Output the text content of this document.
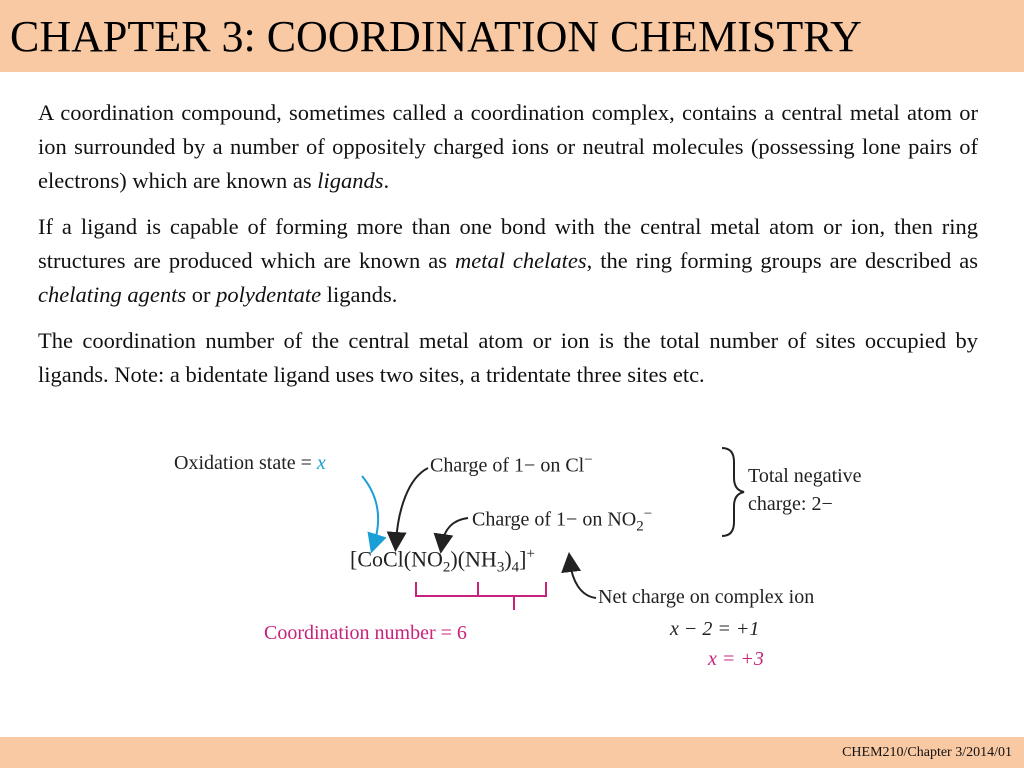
CHAPTER 3: COORDINATION CHEMISTRY

A coordination compound, sometimes called a coordination complex, contains a central metal atom or ion surrounded by a number of oppositely charged ions or neutral molecules (possessing lone pairs of electrons) which are known as ligands.

If a ligand is capable of forming more than one bond with the central metal atom or ion, then ring structures are produced which are known as metal chelates, the ring forming groups are described as chelating agents or polydentate ligands.

The coordination number of the central metal atom or ion is the total number of sites occupied by ligands. Note: a bidentate ligand uses two sites, a tridentate three sites etc.

Oxidation state = x	Charge of 1− on Cl−
Charge of 1− on $NO_2^-$
Total negative
charge: 2−
$[CoCl(NO_2)(NH_3)_4]^+$
Net charge on complex ion
Coordination number = 6	x − 2 = +1
x = +3
CHEM210/Chapter 3/2014/01
